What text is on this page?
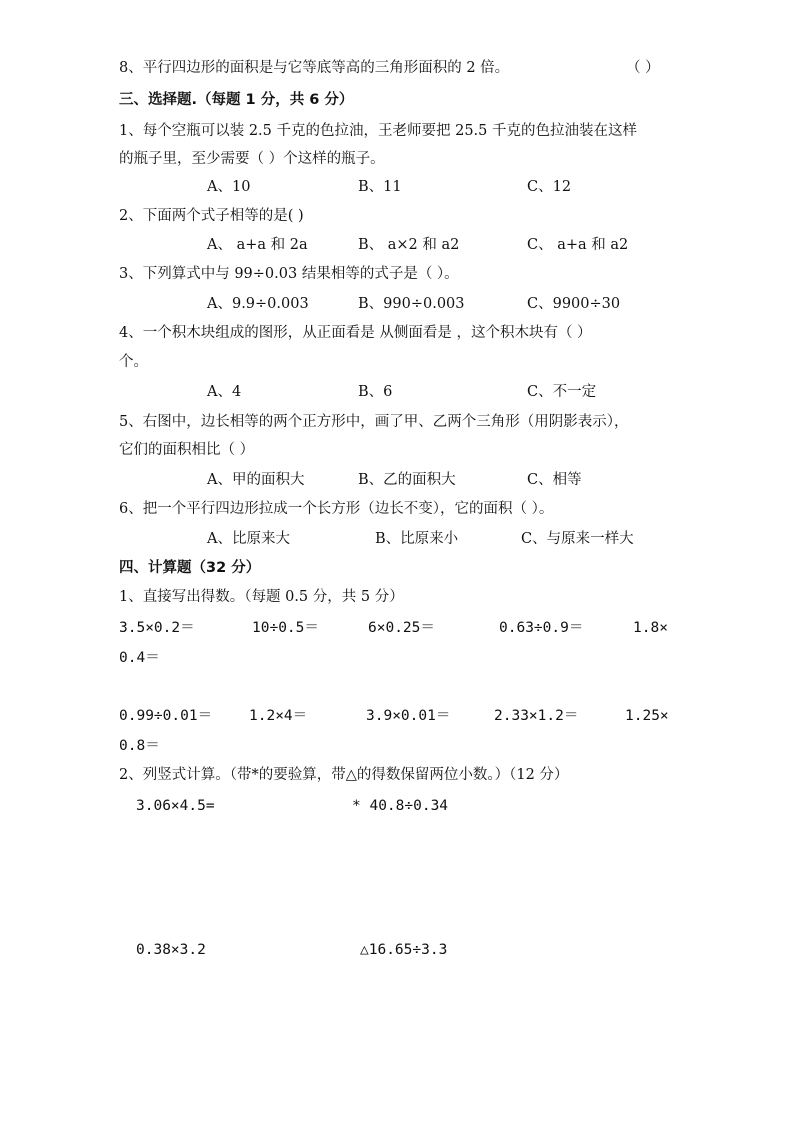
8、平行四边形的面积是与它等底等高的三角形面积的 2 倍。	（ ）
三、选择题.（每题 1 分，共 6 分）
1、每个空瓶可以装 2.5 千克的色拉油，王老师要把 25.5 千克的色拉油装在这样
的瓶子里，至少需要（ ）个这样的瓶子。
A、10	B、11	C、12
2、下面两个式子相等的是( )
A、 a+a 和 2a	B、 a×2 和 a2	C、 a+a 和 a2
3、下列算式中与 99÷0.03 结果相等的式子是（ ）。
A、9.9÷0.003	B、990÷0.003	C、9900÷30
4、一个积木块组成的图形，从正面看是 从侧面看是 ，这个积木块有（ ）
个。
A、4	B、6	C、不一定
5、右图中，边长相等的两个正方形中，画了甲、乙两个三角形（用阴影表示），
它们的面积相比（ ）
A、甲的面积大	B、乙的面积大	C、相等
6、把一个平行四边形拉成一个长方形（边长不变），它的面积（ ）。
A、比原来大	B、比原来小	C、与原来一样大
四、计算题（32 分）
1、直接写出得数。（每题 0.5 分，共 5 分）
3.5×0.2＝	10÷0.5＝	6×0.25＝	0.63÷0.9＝	1.8×
0.4＝
0.99÷0.01＝	1.2×4＝	3.9×0.01＝	2.33×1.2＝	1.25×
0.8＝
2、列竖式计算。（带*的要验算，带△的得数保留两位小数。）（12 分）
3.06×4.5=	* 40.8÷0.34
0.38×3.2	△16.65÷3.3
